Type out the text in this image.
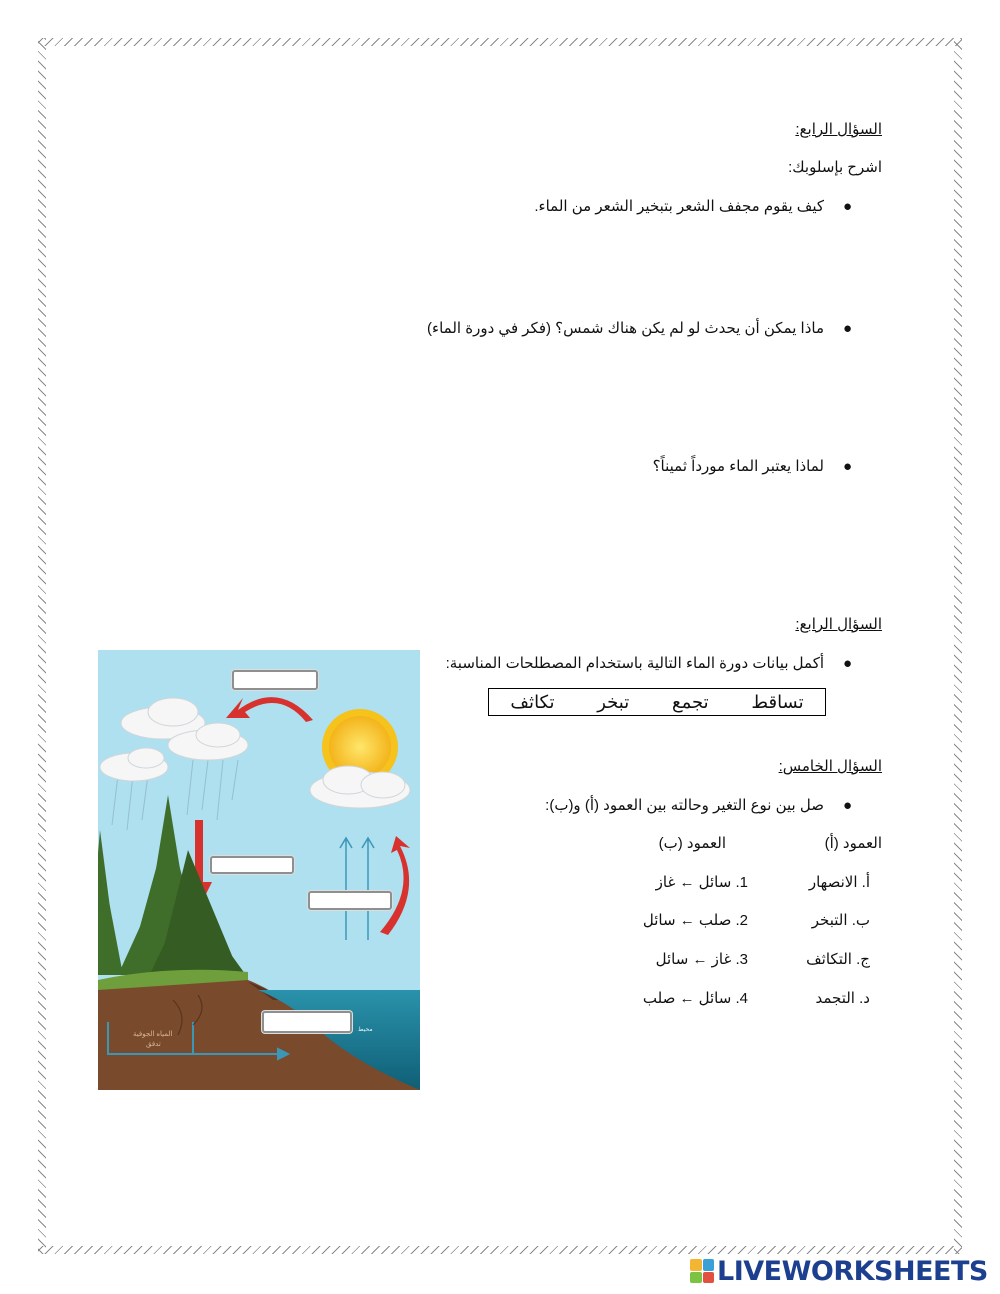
السؤال الرابع:
اشرح بإسلوبك:
●
كيف يقوم مجفف الشعر بتبخير الشعر من الماء.
●
ماذا يمكن أن يحدث لو لم يكن هناك شمس؟ (فكر في دورة الماء)
●
لماذا يعتبر الماء مورداً ثميناً؟
السؤال الرابع:
●
أكمل بيانات دورة الماء التالية باستخدام المصطلحات المناسبة:
تكاثف تبخر تجمع تساقط
السؤال الخامس:
●
صل بين نوع التغير وحالته بين العمود (أ) و(ب):
العمود (أ)
العمود (ب)
أ. الانصهار
1. سائل ← غاز
ب. التبخر
2. صلب ← سائل
ج. التكاثف
3. غاز ← سائل
د. التجمد
4. سائل ← صلب
محيط
المياه الجوفية
تدفق
LIVEWORKSHEETS
